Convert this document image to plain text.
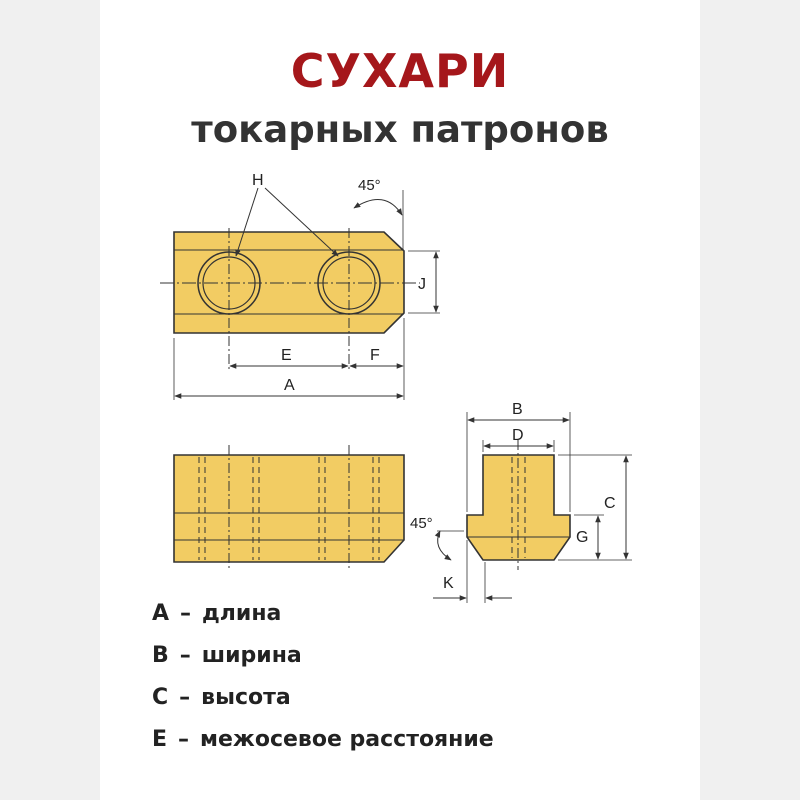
СУХАРИ
токарных патронов
H	45°
J
E	F
A
B
D
C
G
45°
K
A – длина
B – ширина
C – высота
E – межосевое расстояние
